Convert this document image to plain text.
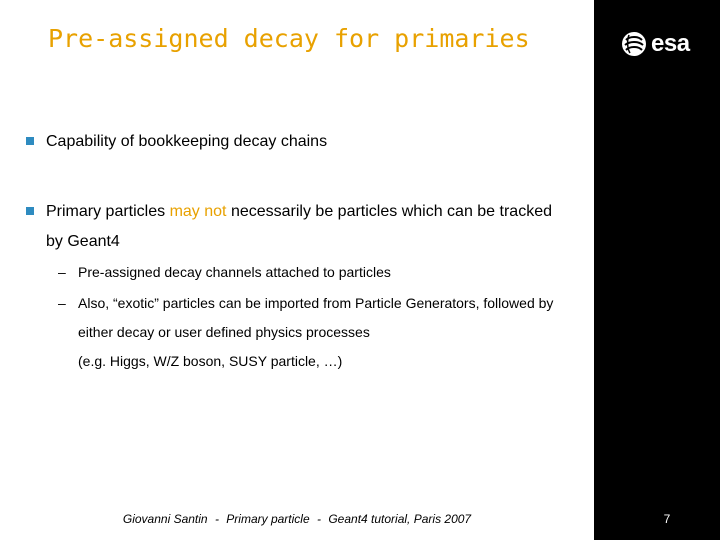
Pre-assigned decay for primaries	esa
Capability of bookkeeping decay chains
Primary particles may not necessarily be particles which can be tracked by Geant4
– Pre-assigned decay channels attached to particles
– Also, “exotic” particles can be imported from Particle Generators, followed by either decay or user defined physics processes
(e.g. Higgs, W/Z boson, SUSY particle, …)
Giovanni Santin - Primary particle - Geant4 tutorial, Paris 2007	7
